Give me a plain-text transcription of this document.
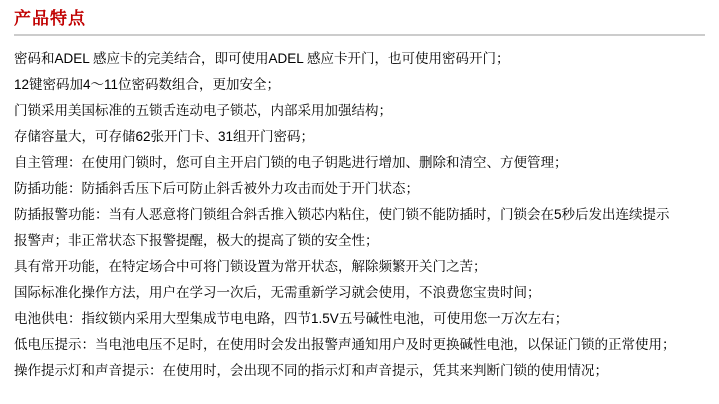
产品特点
密码和ADEL 感应卡的完美结合，即可使用ADEL 感应卡开门，也可使用密码开门；
12键密码加4～11位密码数组合，更加安全；
门锁采用美国标准的五锁舌连动电子锁芯，内部采用加强结构；
存储容量大，可存储62张开门卡、31组开门密码；
自主管理：在使用门锁时，您可自主开启门锁的电子钥匙进行增加、删除和清空、方便管理；
防插功能：防插斜舌压下后可防止斜舌被外力攻击而处于开门状态；
防插报警功能：当有人恶意将门锁组合斜舌推入锁芯内粘住，使门锁不能防插时，门锁会在5秒后发出连续提示
报警声；非正常状态下报警提醒，极大的提高了锁的安全性；
具有常开功能，在特定场合中可将门锁设置为常开状态，解除频繁开关门之苦；
国际标准化操作方法，用户在学习一次后，无需重新学习就会使用，不浪费您宝贵时间；
电池供电：指纹锁内采用大型集成节电电路，四节1.5V五号碱性电池，可使用您一万次左右；
低电压提示：当电池电压不足时，在使用时会发出报警声通知用户及时更换碱性电池，以保证门锁的正常使用；
操作提示灯和声音提示：在使用时，会出现不同的指示灯和声音提示，凭其来判断门锁的使用情况；
